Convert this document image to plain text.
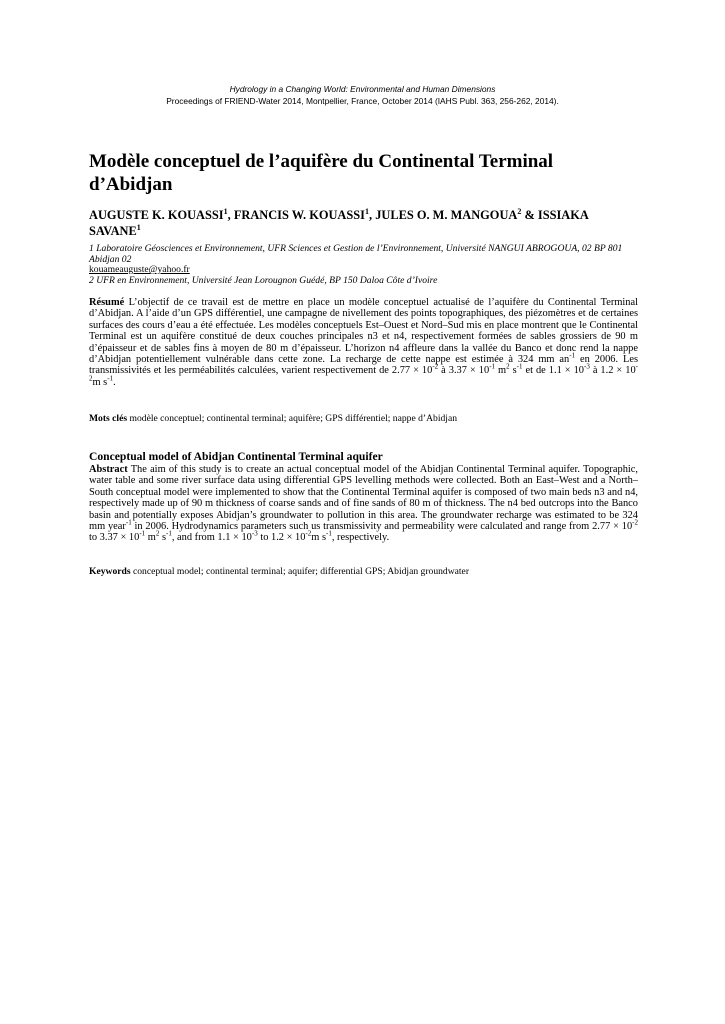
Hydrology in a Changing World: Environmental and Human Dimensions
Proceedings of FRIEND-Water 2014, Montpellier, France, October 2014 (IAHS Publ. 363, 256-262, 2014).
Modèle conceptuel de l’aquifère du Continental Terminal d’Abidjan

AUGUSTE K. KOUASSI$^1$, FRANCIS W. KOUASSI$^1$, JULES O. M. MANGOUA$^2$ & ISSIAKA SAVANE$^1$

1 Laboratoire Géosciences et Environnement, UFR Sciences et Gestion de l’Environnement, Université NANGUI ABROGOUA, 02 BP 801 Abidjan 02
kouameauguste@yahoo.fr
2 UFR en Environnement, Université Jean Lorougnon Guédé, BP 150 Daloa Côte d’Ivoire

Résumé L’objectif de ce travail est de mettre en place un modèle conceptuel actualisé de l’aquifère du Continental Terminal d’Abidjan. A l’aide d’un GPS différentiel, une campagne de nivellement des points topographiques, des piézomètres et de certaines surfaces des cours d’eau a été effectuée. Les modèles conceptuels Est–Ouest et Nord–Sud mis en place montrent que le Continental Terminal est un aquifère constitué de deux couches principales n3 et n4, respectivement formées de sables grossiers de 90 m d’épaisseur et de sables fins à moyen de 80 m d’épaisseur. L’horizon n4 affleure dans la vallée du Banco et donc rend la nappe d’Abidjan potentiellement vulnérable dans cette zone. La recharge de cette nappe est estimée à 324 mm $an^{-1}$ en 2006. Les transmissivités et les perméabilités calculées, varient respectivement de $2.77 \times 10^{-2}$ à $3.37 \times 10^{-1}$ $m^2$ $s^{-1}$ et de $1.1 \times 10^{-3}$ à $1.2 \times 10^{-2}m$ $s^{-1}$.

Mots clés modèle conceptuel; continental terminal; aquifère; GPS différentiel; nappe d’Abidjan

Conceptual model of Abidjan Continental Terminal aquifer

Abstract The aim of this study is to create an actual conceptual model of the Abidjan Continental Terminal aquifer. Topographic, water table and some river surface data using differential GPS levelling methods were collected. Both an East–West and a North–South conceptual model were implemented to show that the Continental Terminal aquifer is composed of two main beds n3 and n4, respectively made up of 90 m thickness of coarse sands and of fine sands of 80 m of thickness. The n4 bed outcrops into the Banco basin and potentially exposes Abidjan’s groundwater to pollution in this area. The groundwater recharge was estimated to be 324 mm year$^{-1}$ in 2006. Hydrodynamics parameters such us transmissivity and permeability were calculated and range from $2.77 \times 10^{-2}$ to $3.37 \times 10^{-1}$ $m^2$ $s^{-1}$, and from $1.1 \times 10^{-3}$ to $1.2 \times 10^{-2}m$ $s^{-1}$, respectively.

Keywords conceptual model; continental terminal; aquifer; differential GPS; Abidjan groundwater
